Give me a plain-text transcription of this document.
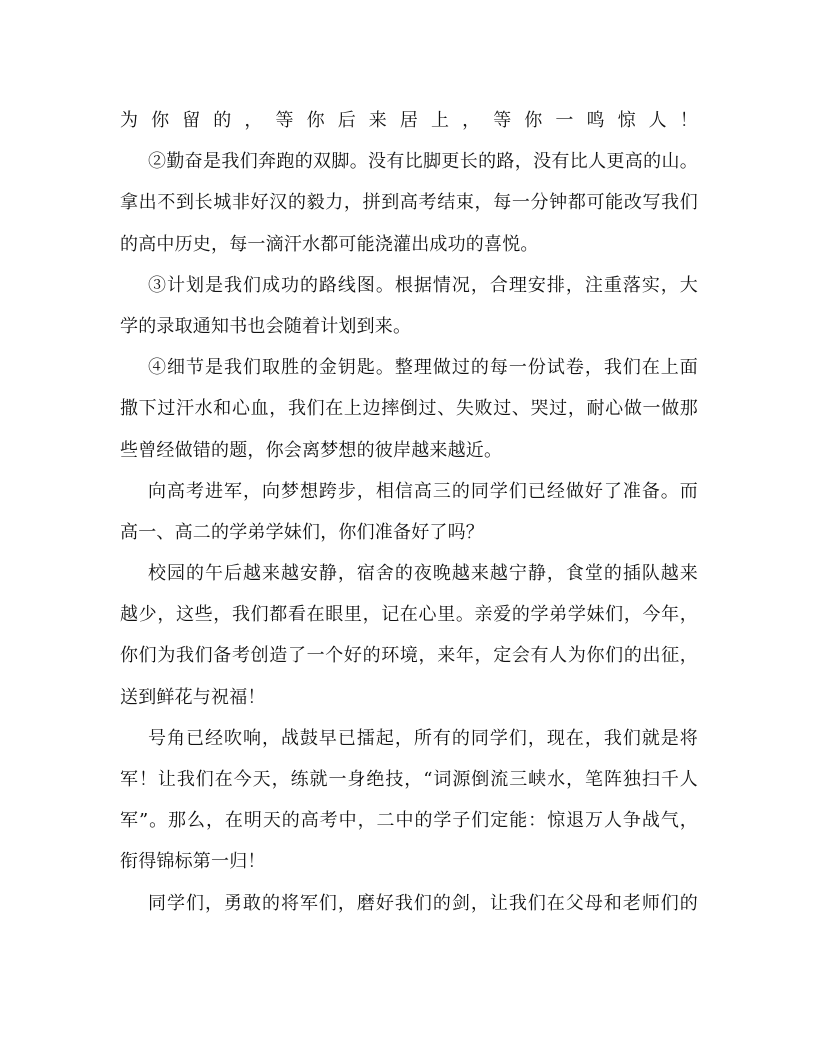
为你留的，等你后来居上，等你一鸣惊人！
②勤奋是我们奔跑的双脚。没有比脚更长的路，没有比人更高的山。
拿出不到长城非好汉的毅力，拼到高考结束，每一分钟都可能改写我们
的高中历史，每一滴汗水都可能浇灌出成功的喜悦。
③计划是我们成功的路线图。根据情况，合理安排，注重落实，大
学的录取通知书也会随着计划到来。
④细节是我们取胜的金钥匙。整理做过的每一份试卷，我们在上面
撒下过汗水和心血，我们在上边摔倒过、失败过、哭过，耐心做一做那
些曾经做错的题，你会离梦想的彼岸越来越近。
向高考进军，向梦想跨步，相信高三的同学们已经做好了准备。而
高一、高二的学弟学妹们，你们准备好了吗？
校园的午后越来越安静，宿舍的夜晚越来越宁静，食堂的插队越来
越少，这些，我们都看在眼里，记在心里。亲爱的学弟学妹们，今年，
你们为我们备考创造了一个好的环境，来年，定会有人为你们的出征，
送到鲜花与祝福！
号角已经吹响，战鼓早已擂起，所有的同学们，现在，我们就是将
军！让我们在今天，练就一身绝技，“词源倒流三峡水，笔阵独扫千人
军”。那么，在明天的高考中，二中的学子们定能：惊退万人争战气，
衔得锦标第一归！
同学们，勇敢的将军们，磨好我们的剑，让我们在父母和老师们的
